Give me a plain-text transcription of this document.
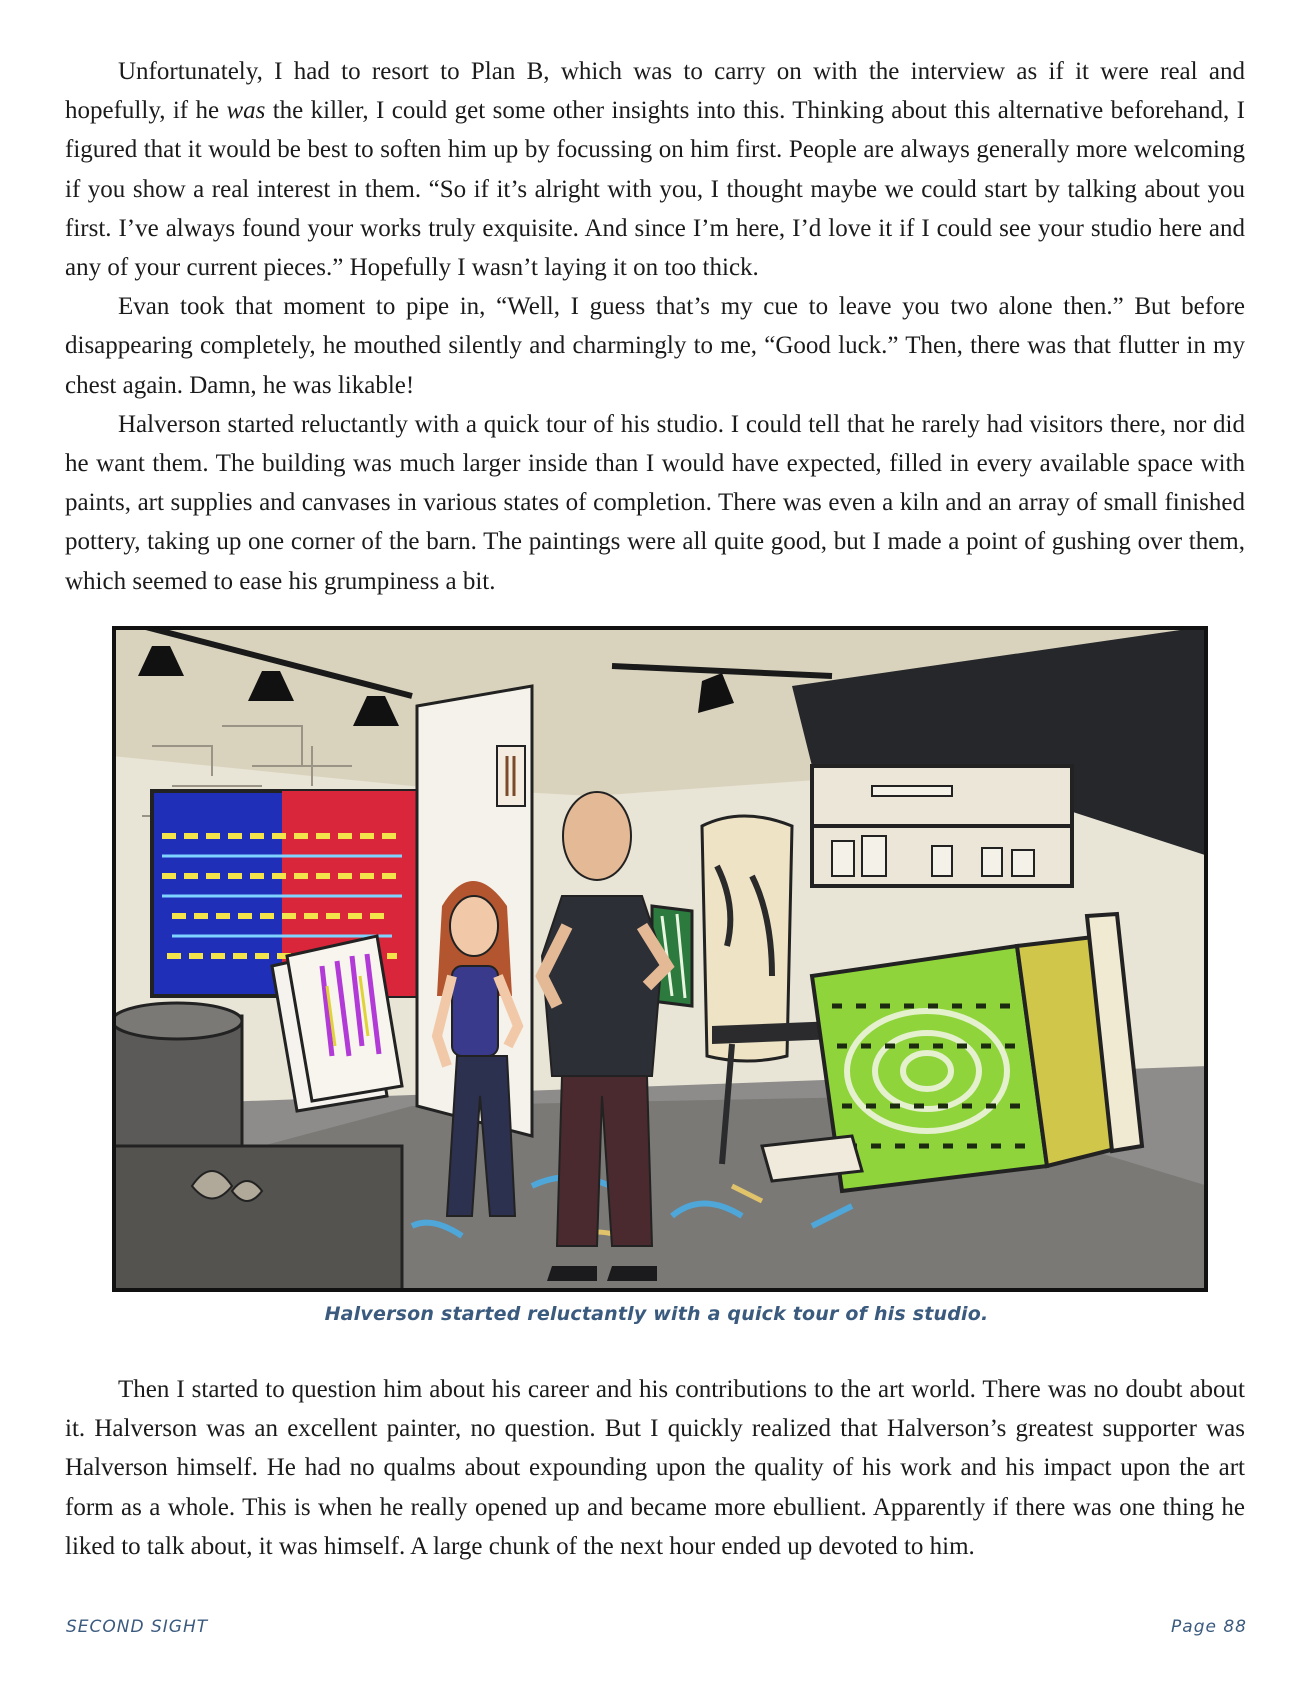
Unfortunately, I had to resort to Plan B, which was to carry on with the interview as if it were real and hopefully, if he was the killer, I could get some other insights into this. Thinking about this alternative beforehand, I figured that it would be best to soften him up by focussing on him first. People are always generally more welcoming if you show a real interest in them. “So if it’s alright with you, I thought maybe we could start by talking about you first. I’ve always found your works truly exquisite. And since I’m here, I’d love it if I could see your studio here and any of your current pieces.” Hopefully I wasn’t laying it on too thick.

Evan took that moment to pipe in, “Well, I guess that’s my cue to leave you two alone then.” But before disappearing completely, he mouthed silently and charmingly to me, “Good luck.” Then, there was that flutter in my chest again. Damn, he was likable!

Halverson started reluctantly with a quick tour of his studio. I could tell that he rarely had visitors there, nor did he want them. The building was much larger inside than I would have expected, filled in every available space with paints, art supplies and canvases in various states of completion. There was even a kiln and an array of small finished pottery, taking up one corner of the barn. The paintings were all quite good, but I made a point of gushing over them, which seemed to ease his grumpiness a bit.

Halverson started reluctantly with a quick tour of his studio.

Then I started to question him about his career and his contributions to the art world. There was no doubt about it. Halverson was an excellent painter, no question. But I quickly realized that Halverson’s greatest supporter was Halverson himself. He had no qualms about expounding upon the quality of his work and his impact upon the art form as a whole. This is when he really opened up and became more ebullient. Apparently if there was one thing he liked to talk about, it was himself. A large chunk of the next hour ended up devoted to him.

SECOND SIGHT	Page 88
